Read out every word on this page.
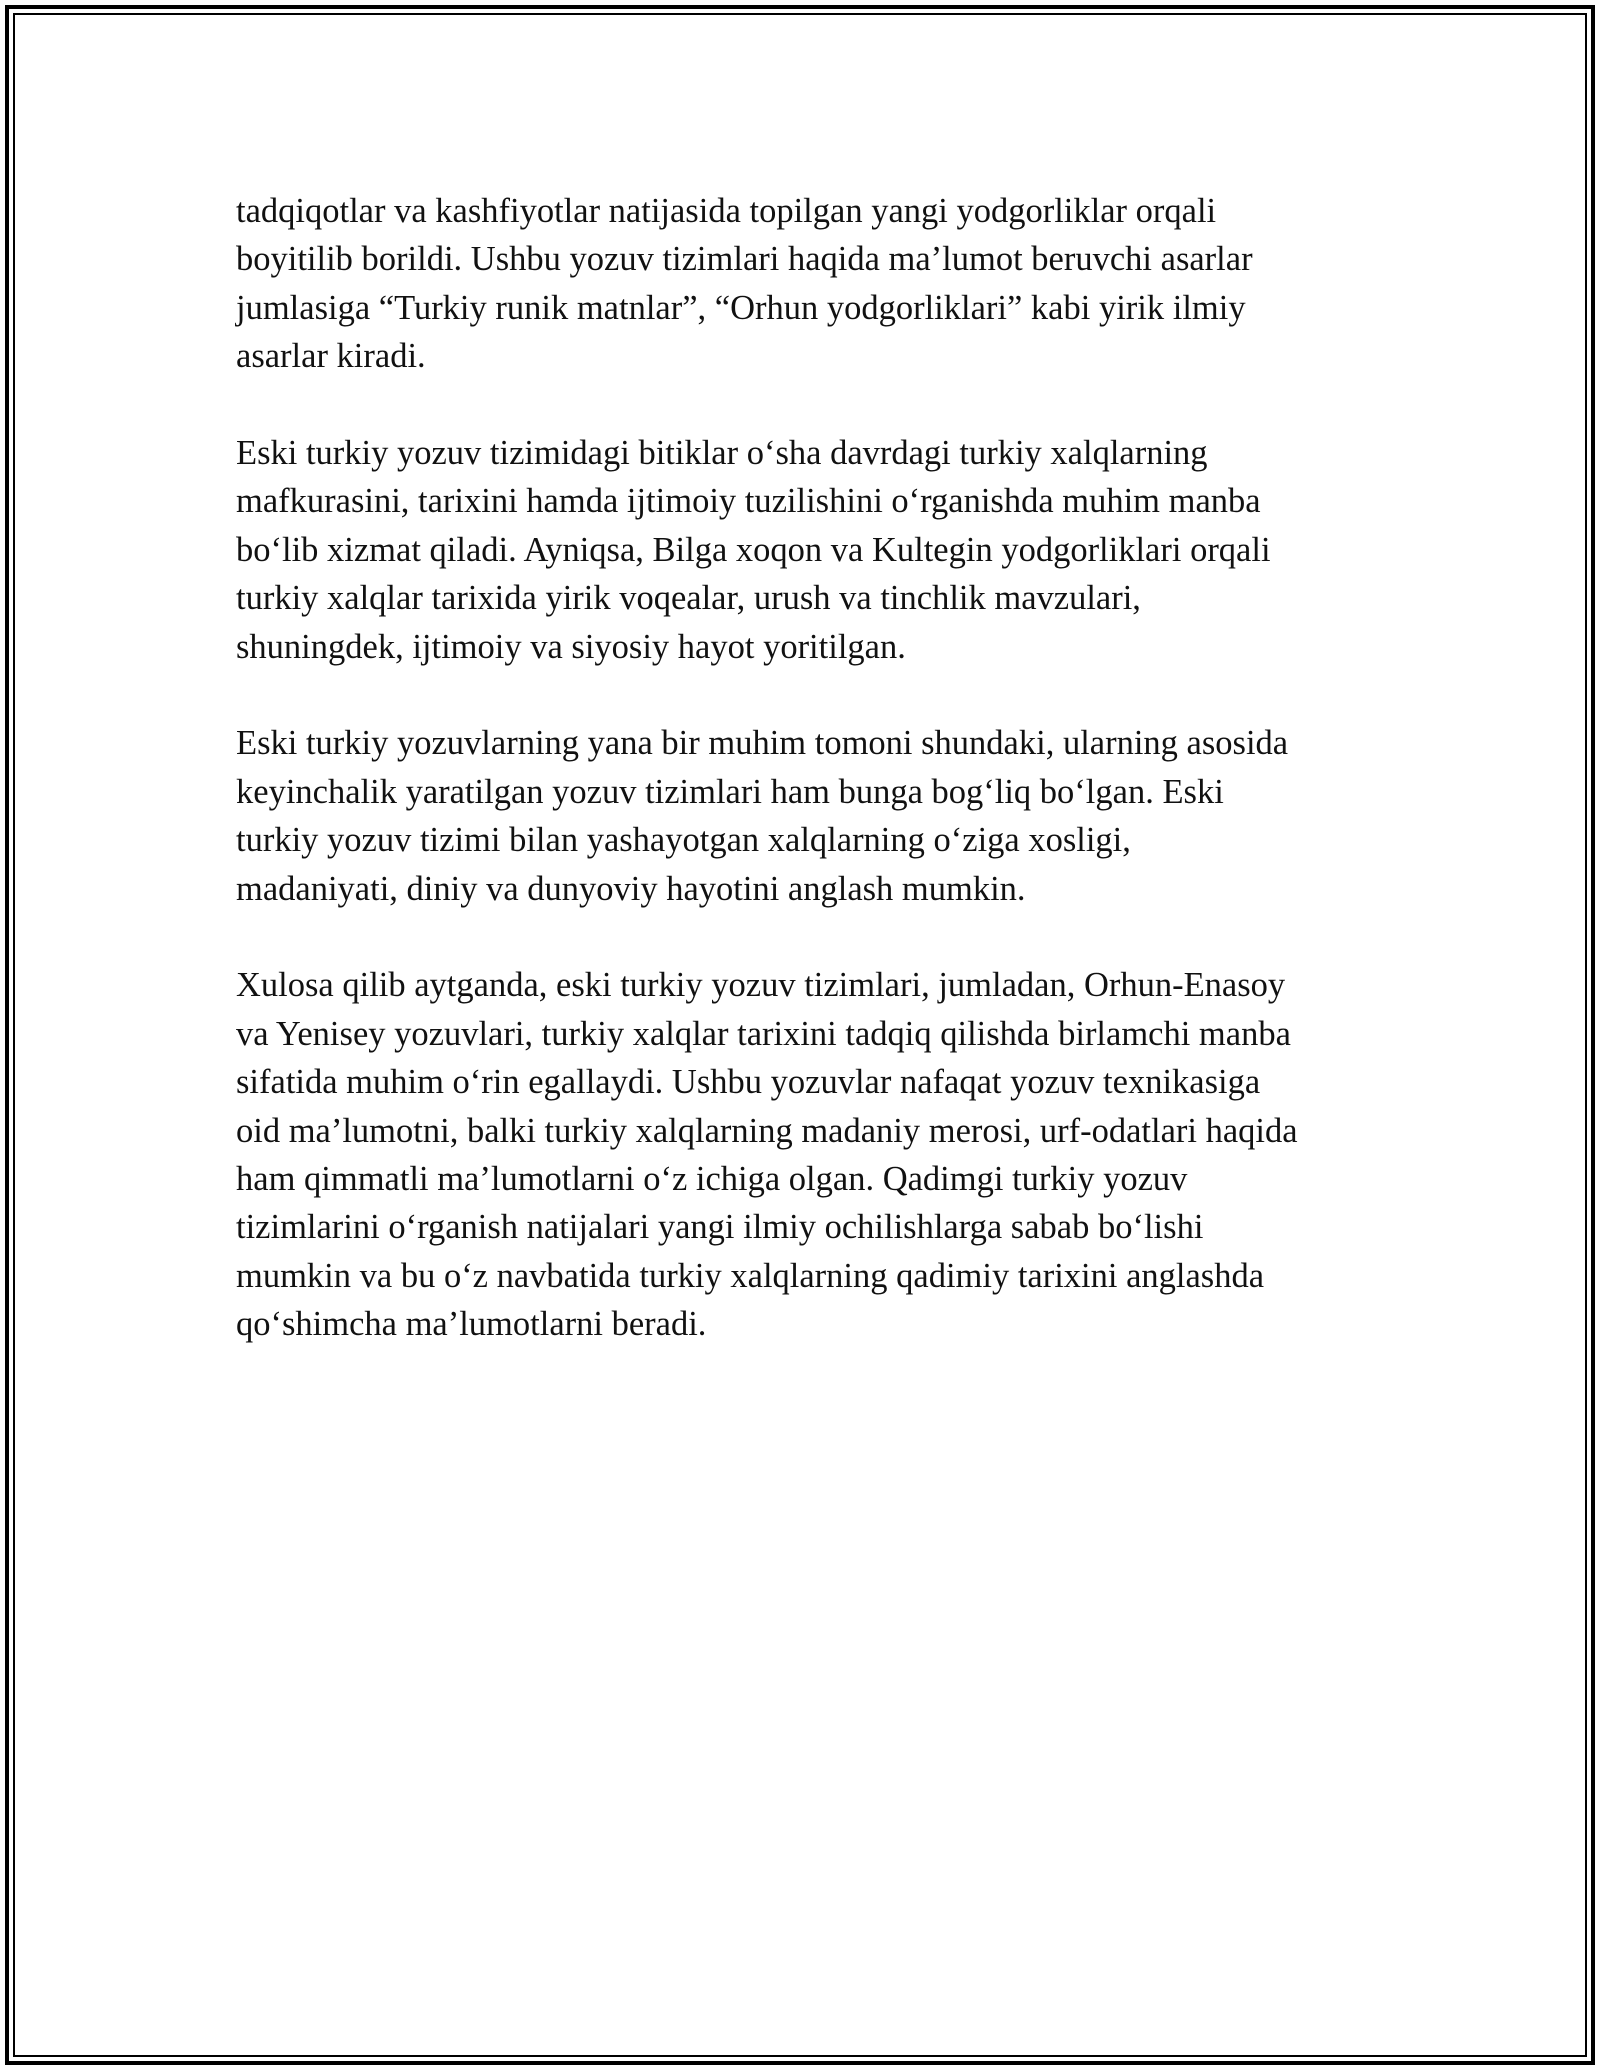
tadqiqotlar va kashfiyotlar natijasida topilgan yangi yodgorliklar orqali
boyitilib borildi. Ushbu yozuv tizimlari haqida ma’lumot beruvchi asarlar
jumlasiga “Turkiy runik matnlar”, “Orhun yodgorliklari” kabi yirik ilmiy
asarlar kiradi.

Eski turkiy yozuv tizimidagi bitiklar o‘sha davrdagi turkiy xalqlarning
mafkurasini, tarixini hamda ijtimoiy tuzilishini o‘rganishda muhim manba
bo‘lib xizmat qiladi. Ayniqsa, Bilga xoqon va Kultegin yodgorliklari orqali
turkiy xalqlar tarixida yirik voqealar, urush va tinchlik mavzulari,
shuningdek, ijtimoiy va siyosiy hayot yoritilgan.

Eski turkiy yozuvlarning yana bir muhim tomoni shundaki, ularning asosida
keyinchalik yaratilgan yozuv tizimlari ham bunga bog‘liq bo‘lgan. Eski
turkiy yozuv tizimi bilan yashayotgan xalqlarning o‘ziga xosligi,
madaniyati, diniy va dunyoviy hayotini anglash mumkin.

Xulosa qilib aytganda, eski turkiy yozuv tizimlari, jumladan, Orhun-Enasoy
va Yenisey yozuvlari, turkiy xalqlar tarixini tadqiq qilishda birlamchi manba
sifatida muhim o‘rin egallaydi. Ushbu yozuvlar nafaqat yozuv texnikasiga
oid ma’lumotni, balki turkiy xalqlarning madaniy merosi, urf-odatlari haqida
ham qimmatli ma’lumotlarni o‘z ichiga olgan. Qadimgi turkiy yozuv
tizimlarini o‘rganish natijalari yangi ilmiy ochilishlarga sabab bo‘lishi
mumkin va bu o‘z navbatida turkiy xalqlarning qadimiy tarixini anglashda
qo‘shimcha ma’lumotlarni beradi.
